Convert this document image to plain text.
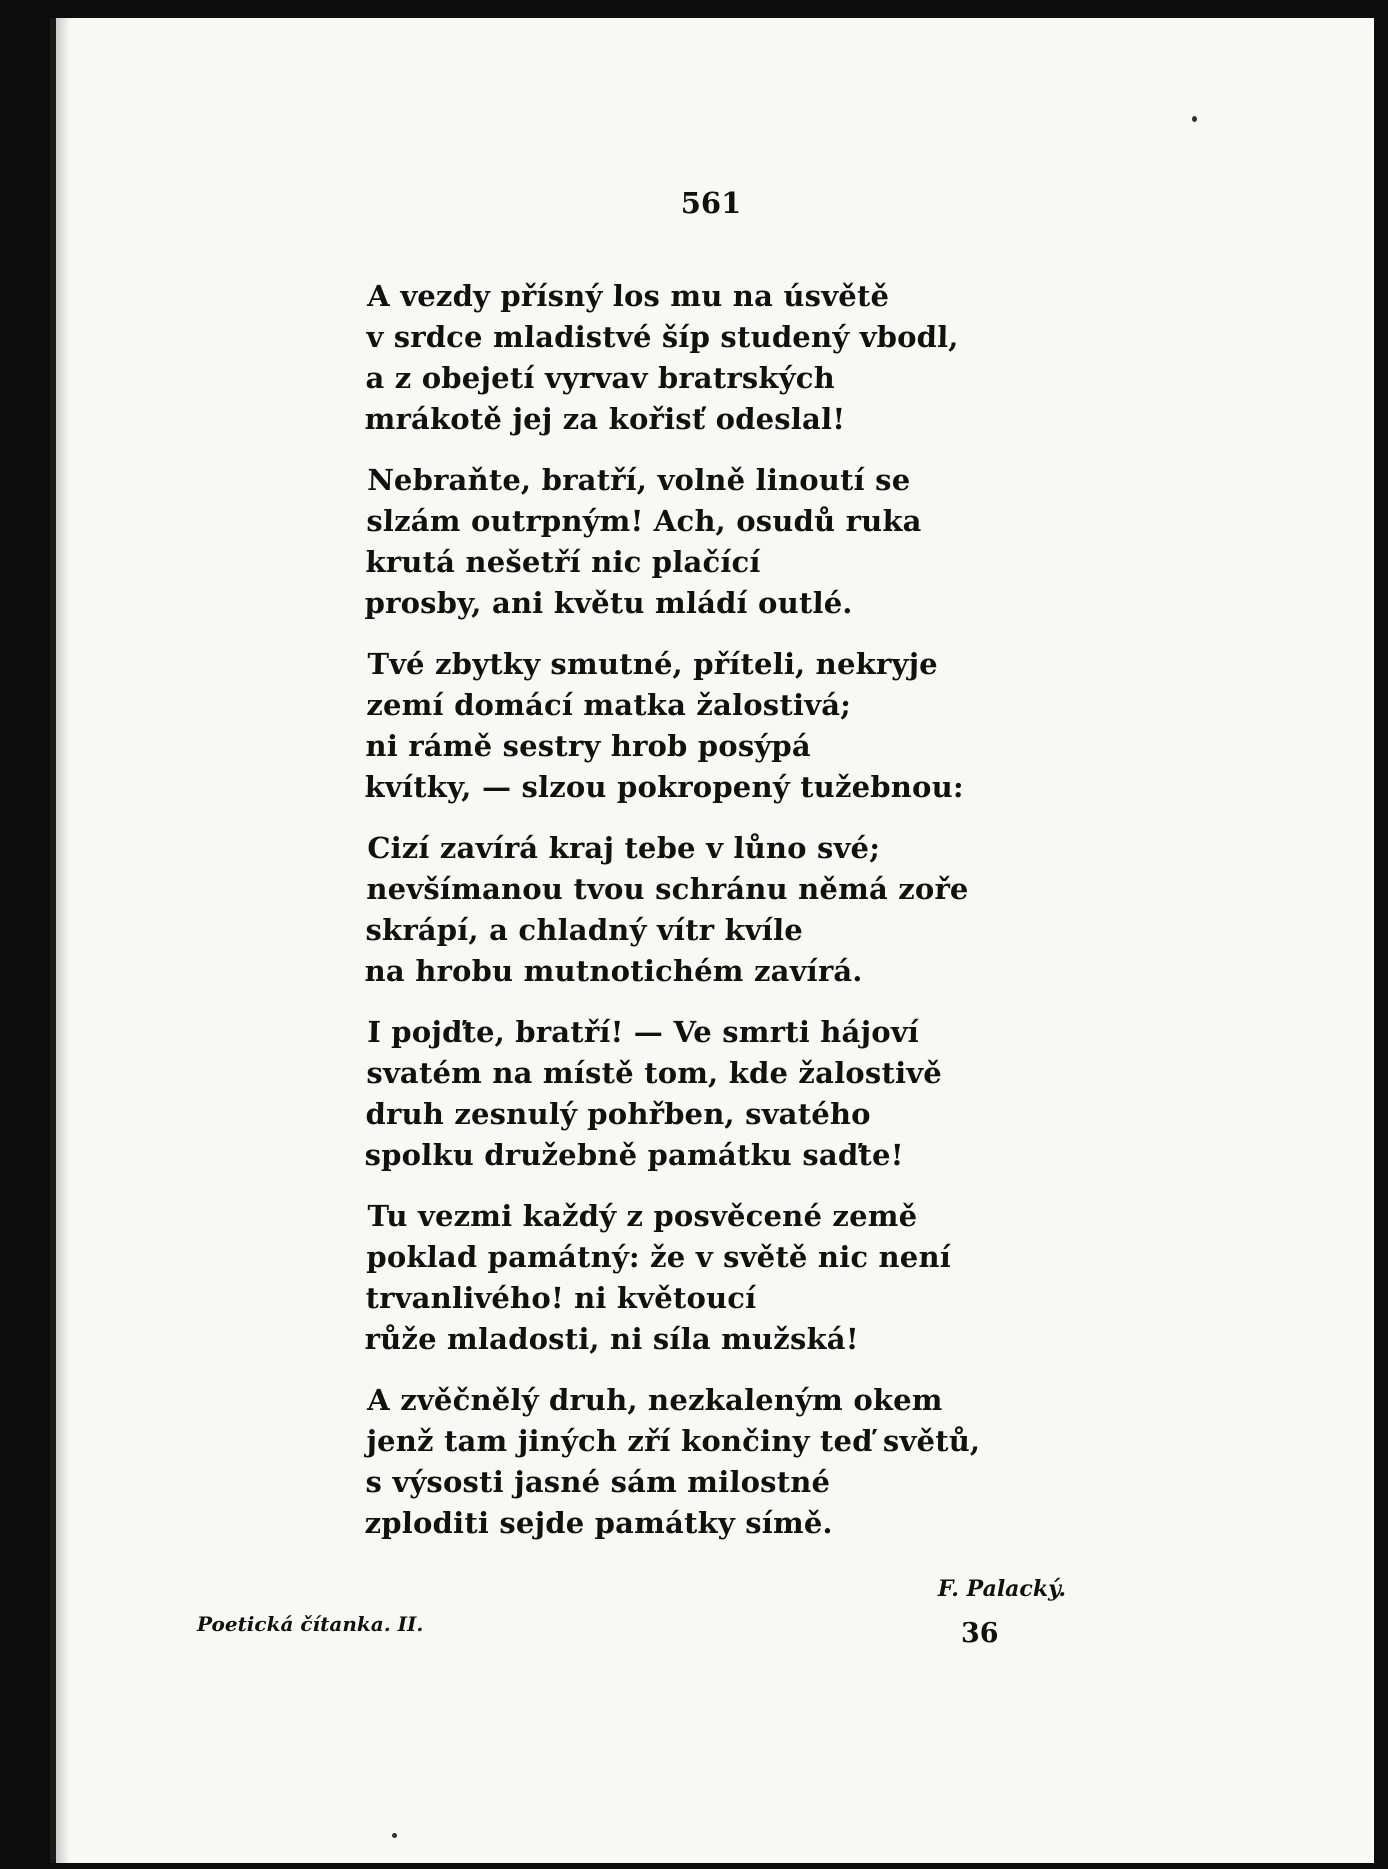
561
A vezdy přísný los mu na úsvětě
v srdce mladistvé šíp studený vbodl,
a z obejetí vyrvav bratrských
mrákotě jej za kořisť odeslal!
Nebraňte, bratří, volně linoutí se
slzám outrpným! Ach, osudů ruka
krutá nešetří nic plačící
prosby, ani květu mládí outlé.
Tvé zbytky smutné, příteli, nekryje
zemí domácí matka žalostivá;
ni rámě sestry hrob posýpá
kvítky, — slzou pokropený tužebnou:
Cizí zavírá kraj tebe v lůno své;
nevšímanou tvou schránu němá zoře
skrápí, a chladný vítr kvíle
na hrobu mutnotichém zavírá.
I pojďte, bratří! — Ve smrti hájoví
svatém na místě tom, kde žalostivě
druh zesnulý pohřben, svatého
spolku družebně památku saďte!
Tu vezmi každý z posvěcené země
poklad památný: že v světě nic není
trvanlivého! ni květoucí
růže mladosti, ni síla mužská!
A zvěčnělý druh, nezkaleným okem
jenž tam jiných zří končiny teď světů,
s výsosti jasné sám milostné
zploditi sejde památky símě.
F. Palacký.
Poetická čítanka. II.	36
